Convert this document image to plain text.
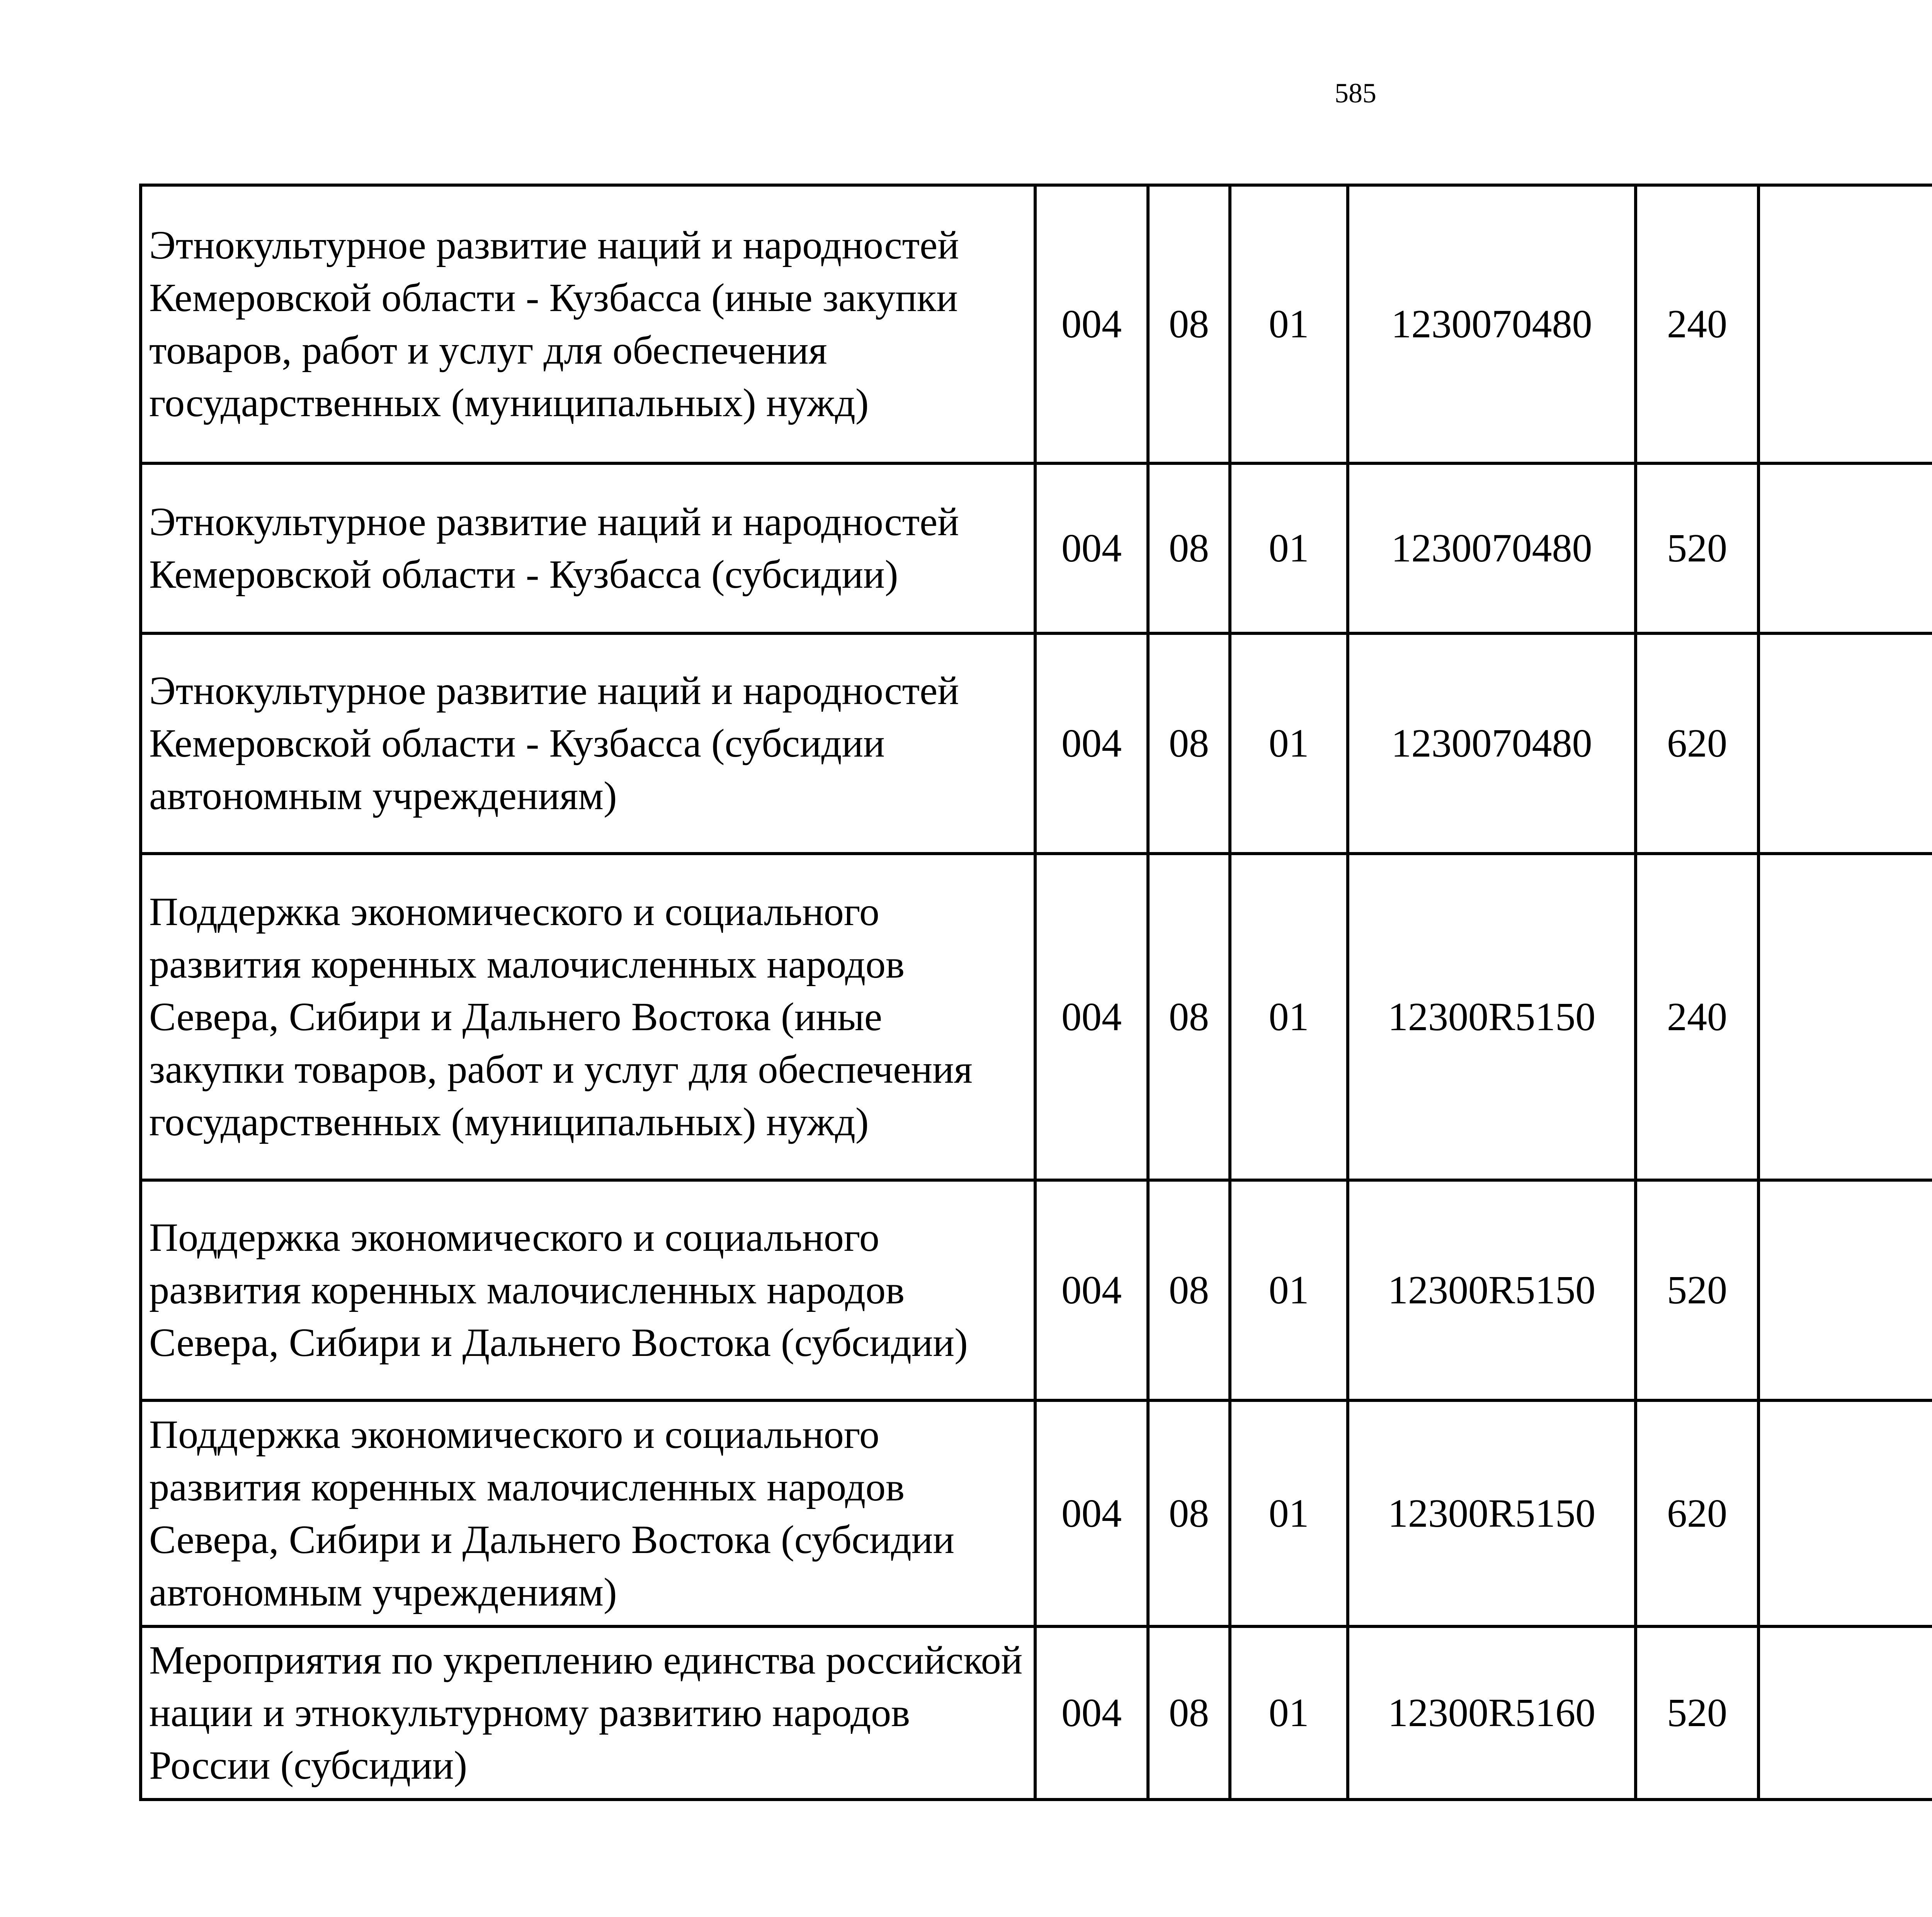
585
Этнокультурное развитие наций и народностей Кемеровской области - Кузбасса (иные закупки товаров, работ и услуг для обеспечения государственных (муниципальных) нужд)	004	08	01	1230070480	240			
Этнокультурное развитие наций и народностей Кемеровской области - Кузбасса (субсидии)	004	08	01	1230070480	520			
Этнокультурное развитие наций и народностей Кемеровской области - Кузбасса (субсидии автономным учреждениям)	004	08	01	1230070480	620			
Поддержка экономического и социального развития коренных малочисленных народов Севера, Сибири и Дальнего Востока (иные закупки товаров, работ и услуг для обеспечения государственных (муниципальных) нужд)	004	08	01	12300R5150	240			
Поддержка экономического и социального развития коренных малочисленных народов Севера, Сибири и Дальнего Востока (субсидии)	004	08	01	12300R5150	520			
Поддержка экономического и социального развития коренных малочисленных народов Севера, Сибири и Дальнего Востока (субсидии автономным учреждениям)	004	08	01	12300R5150	620			
Мероприятия по укреплению единства российской нации и этнокультурному развитию народов России (субсидии)	004	08	01	12300R5160	520			
